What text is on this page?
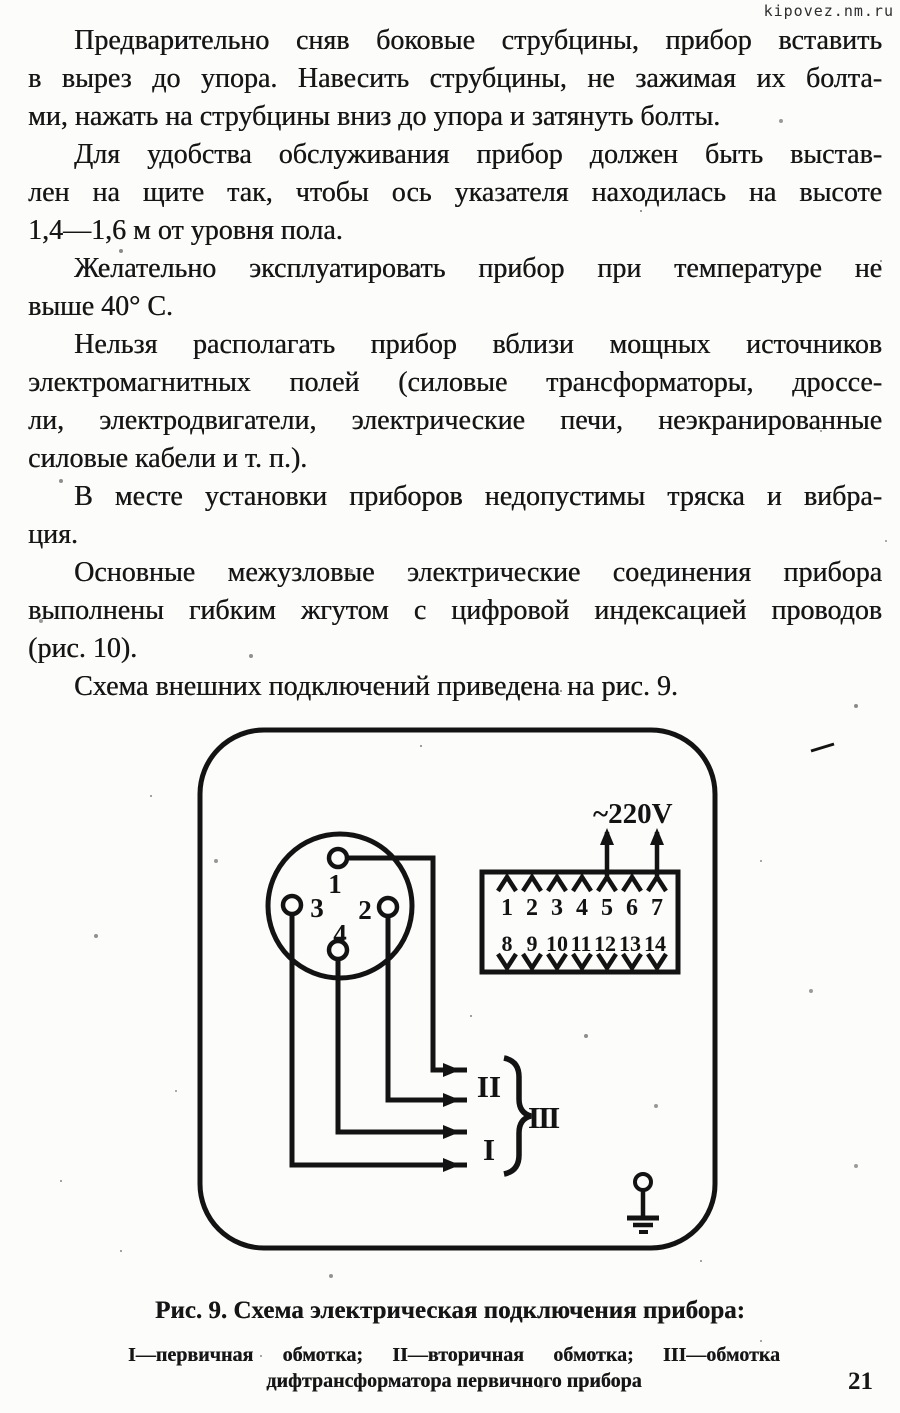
kipovez.nm.ru
Предварительно сняв боковые струбцины, прибор вставить
в вырез до упора. Навесить струбцины, не зажимая их болта-
ми, нажать на струбцины вниз до упора и затянуть болты.
Для удобства обслуживания прибор должен быть выстав-
лен на щите так, чтобы ось указателя находилась на высоте
1,4—1,6 м от уровня пола.
Желательно эксплуатировать прибор при температуре не
выше 40° С.
Нельзя располагать прибор вблизи мощных источников
электромагнитных полей (силовые трансформаторы, дроссе-
ли, электродвигатели, электрические печи, неэкранированные
силовые кабели и т. п.).
В месте установки приборов недопустимы тряска и вибра-
ция.
Основные межузловые электрические соединения прибора
выполнены гибким жгутом с цифровой индексацией проводов
(рис. 10).
Схема внешних подключений приведена на рис. 9.
1
2
3
4
1 2 3 4 5 6 7
8 9 10 11 12 13 14
~220V
II
I
III
Рис. 9. Схема электрическая подключения прибора:
I—первичная обмотка; II—вторичная обмотка; III—обмотка
дифтрансформатора первичного прибора	21
